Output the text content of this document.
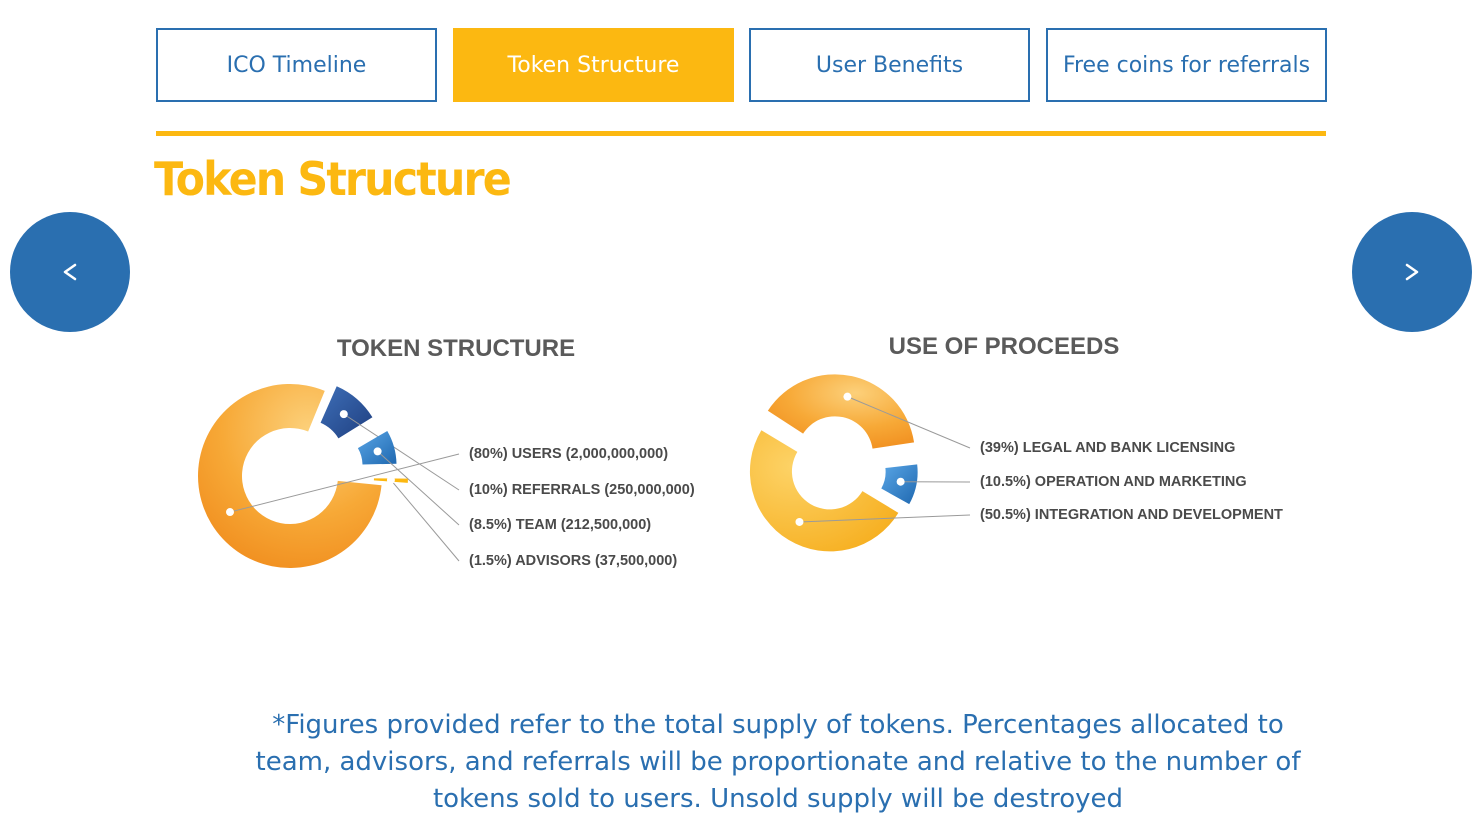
ICO Timeline	Token Structure	User Benefits	Free coins for referrals
Token Structure
TOKEN STRUCTURE
(80%) USERS (2,000,000,000)
(10%) REFERRALS (250,000,000)
(8.5%) TEAM (212,500,000)
(1.5%) ADVISORS (37,500,000)
USE OF PROCEEDS
(39%) LEGAL AND BANK LICENSING
(10.5%) OPERATION AND MARKETING
(50.5%) INTEGRATION AND DEVELOPMENT
*Figures provided refer to the total supply of tokens. Percentages allocated to team, advisors, and referrals will be proportionate and relative to the number of tokens sold to users. Unsold supply will be destroyed
